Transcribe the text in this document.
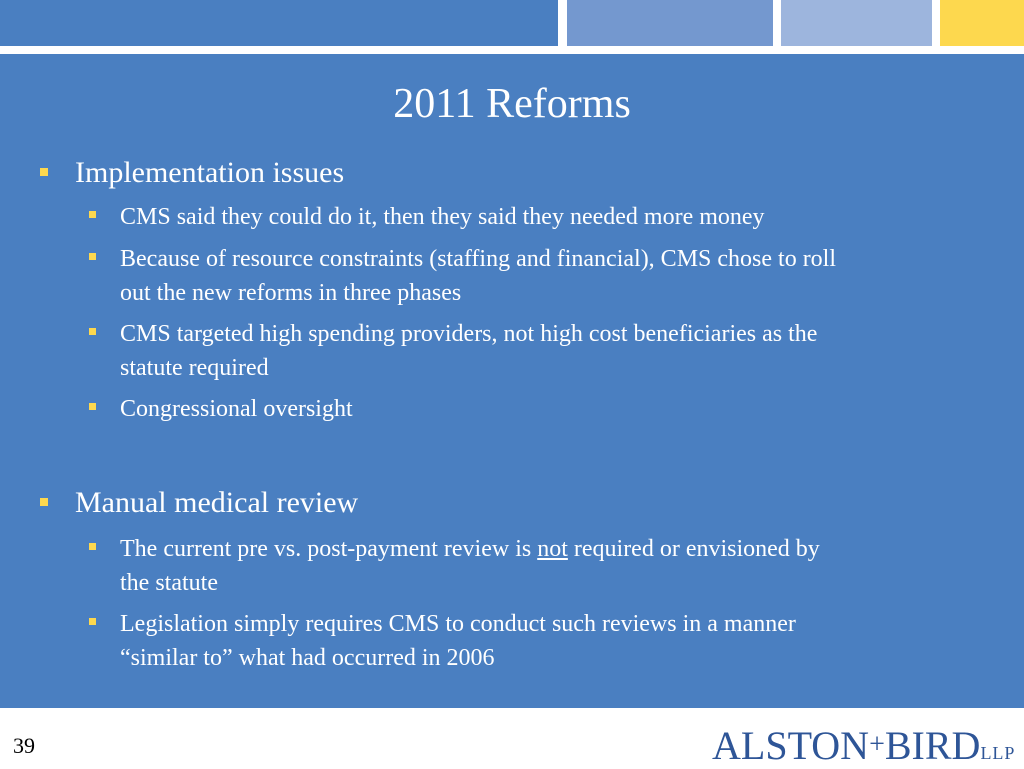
2011 Reforms
Implementation issues
CMS said they could do it, then they said they needed more money
Because of resource constraints (staffing and financial), CMS chose to roll
out the new reforms in three phases
CMS targeted high spending providers, not high cost beneficiaries as the
statute required
Congressional oversight
Manual medical review
The current pre vs. post-payment review is not required or envisioned by
the statute
Legislation simply requires CMS to conduct such reviews in a manner
“similar to” what had occurred in 2006
39	ALSTON+BIRDLLP
